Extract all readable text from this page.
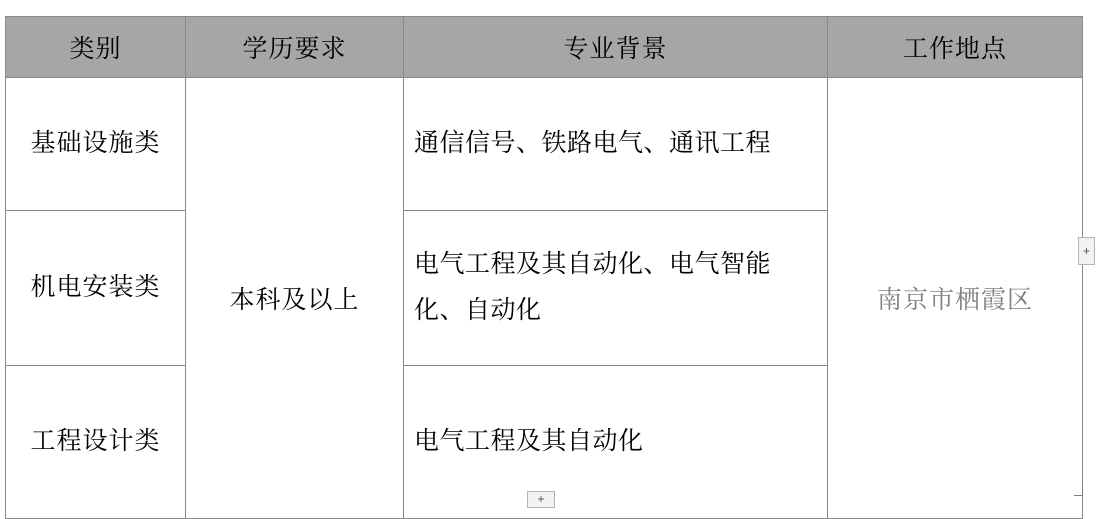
类别	学历要求	专业背景	工作地点
基础设施类	本科及以上	通信信号、铁路电气、通讯工程	南京市栖霞区
机电安装类		电气工程及其自动化、电气智能化、自动化	
工程设计类		电气工程及其自动化	
+
+
